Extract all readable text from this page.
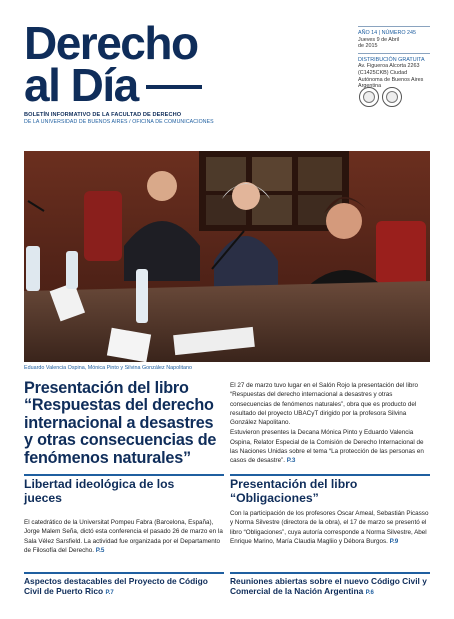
Derecho
al Día
BOLETÍN INFORMATIVO DE LA FACULTAD DE DERECHO
DE LA UNIVERSIDAD DE BUENOS AIRES / OFICINA DE COMUNICACIONES
AÑO 14 | NÚMERO 245
Jueves 9 de Abril
de 2015
DISTRIBUCIÓN GRATUITA
Av. Figueroa Alcorta 2263
(C1425CKB) Ciudad
Autónoma de Buenos Aires
Argentina
Eduardo Valencia Ospina, Mónica Pinto y Silvina González Napolitano
Presentación del libro “Respuestas del derecho internacional a desastres y otras consecuencias de fenómenos naturales”

El 27 de marzo tuvo lugar en el Salón Rojo la presentación del libro “Respuestas del derecho internacional a desastres y otras consecuencias de fenómenos naturales”, obra que es producto del resultado del proyecto UBACyT dirigido por la profesora Silvina González Napolitano.

Estuvieron presentes la Decana Mónica Pinto y Eduardo Valencia Ospina, Relator Especial de la Comisión de Derecho Internacional de las Naciones Unidas sobre el tema “La protección de las personas en casos de desastre”. P.3

Libertad ideológica de los jueces
El catedrático de la Universitat Pompeu Fabra (Barcelona, España), Jorge Malem Seña, dictó esta conferencia el pasado 26 de marzo en la Sala Vélez Sarsfield. La actividad fue organizada por el Departamento de Filosofía del Derecho. P.5
Presentación del libro “Obligaciones”
Con la participación de los profesores Oscar Ameal, Sebastián Picasso y Norma Silvestre (directora de la obra), el 17 de marzo se presentó el libro “Obligaciones”, cuya autoría corresponde a Norma Silvestre, Abel Enrique Marino, María Claudia Magliio y Débora Burgos. P.9
Aspectos destacables del Proyecto de Código Civil de Puerto Rico P.7
Reuniones abiertas sobre el nuevo Código Civil y Comercial de la Nación Argentina P.6
